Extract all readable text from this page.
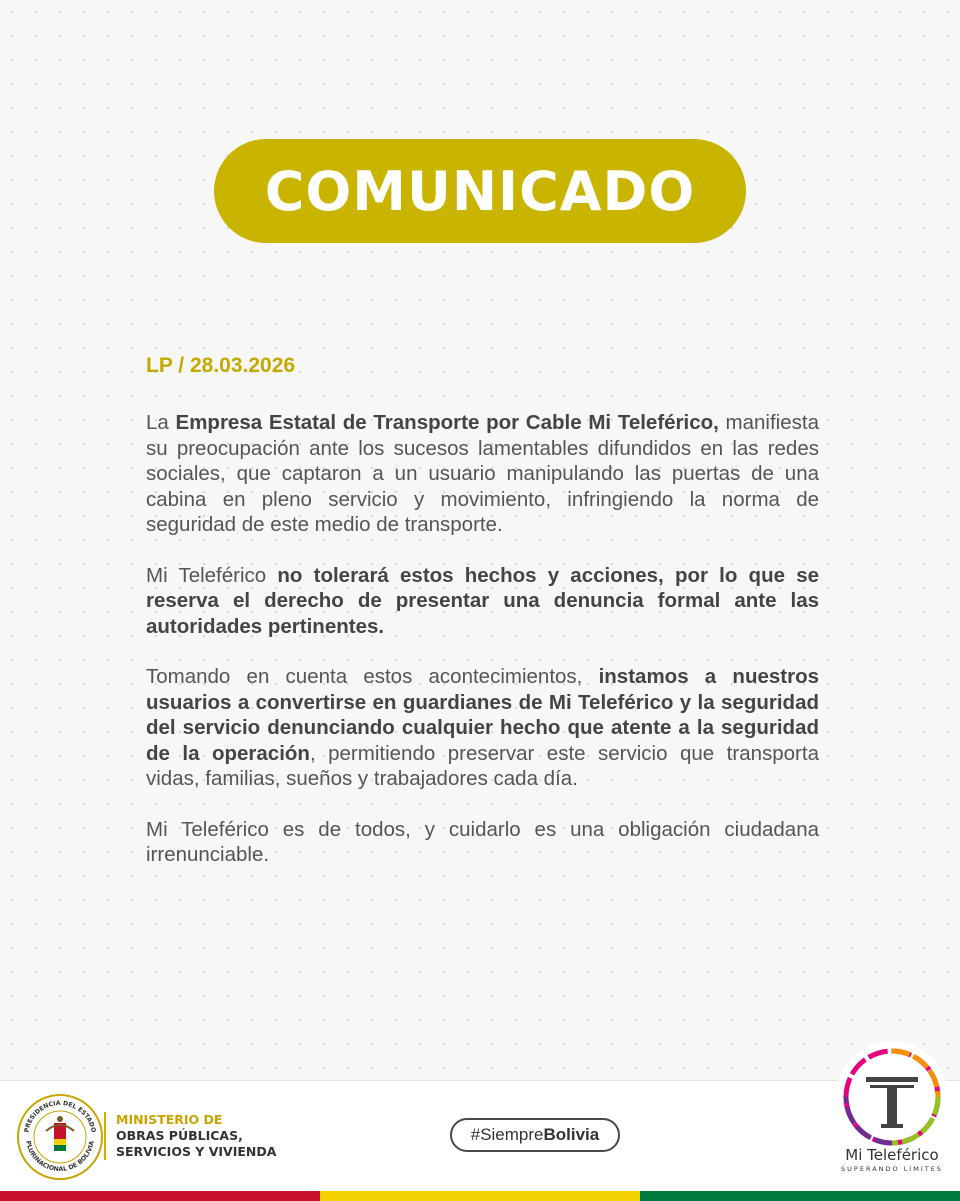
COMUNICADO
LP / 28.03.2026

La Empresa Estatal de Transporte por Cable Mi Teleférico, manifiesta su preocupación ante los sucesos lamentables difundidos en las redes sociales, que captaron a un usuario manipulando las puertas de una cabina en pleno servicio y movimiento, infringiendo la norma de seguridad de este medio de transporte.

Mi Teleférico no tolerará estos hechos y acciones, por lo que se reserva el derecho de presentar una denuncia formal ante las autoridades pertinentes.

Tomando en cuenta estos acontecimientos, instamos a nuestros usuarios a convertirse en guardianes de Mi Teleférico y la seguridad del servicio denunciando cualquier hecho que atente a la seguridad de la operación, permitiendo preservar este servicio que transporta vidas, familias, sueños y trabajadores cada día.

Mi Teleférico es de todos, y cuidarlo es una obligación ciudadana irrenunciable.

PRESIDENCIA DEL ESTADO
PLURINACIONAL DE BOLIVIA
MINISTERIO DE
OBRAS PÚBLICAS,
SERVICIOS Y VIVIENDA
#Siempre Bolivia
Mi Teleférico
SUPERANDO LÍMITES
